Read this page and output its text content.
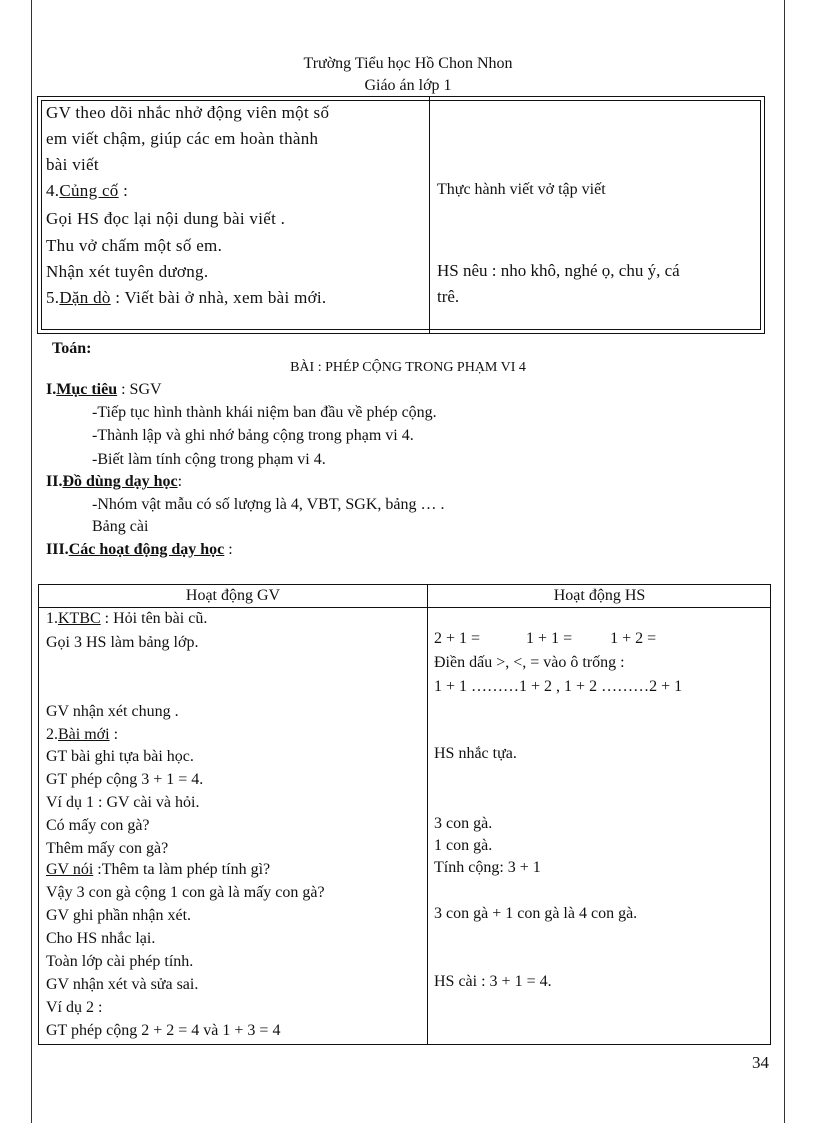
Trường Tiểu học Hồ Chon Nhon
Giáo án lớp 1
GV theo dõi nhắc nhở động viên một số
em viết chậm, giúp các em hoàn thành
bài viết
4.Củng cố :
Gọi HS đọc lại nội dung bài viết .
Thu vở chấm một số em.
Nhận xét tuyên dương.
5.Dặn dò : Viết bài ở nhà, xem bài mới.
Thực hành viết vở tập viết
HS nêu : nho khô, nghé ọ, chu ý, cá
trê.
Toán:
BÀI : PHÉP CỘNG TRONG PHẠM VI 4
I.Mục tiêu : SGV
-Tiếp tục hình thành khái niệm ban đầu về phép cộng.
-Thành lập và ghi nhớ bảng cộng trong phạm vi 4.
-Biết làm tính cộng trong phạm vi 4.
II.Đồ dùng dạy học:
-Nhóm vật mẫu có số lượng là 4, VBT, SGK, bảng … .
Bảng cài
III.Các hoạt động dạy học :
Hoạt động GV	Hoạt động HS
1.KTBC : Hỏi tên bài cũ.
Gọi 3 HS làm bảng lớp.
GV nhận xét chung .
2.Bài mới :
GT bài ghi tựa bài học.
GT phép cộng 3 + 1 = 4.
Ví dụ 1 : GV cài và hỏi.
Có mấy con gà?
Thêm mấy con gà?
GV nói :Thêm ta làm phép tính gì?
Vậy 3 con gà cộng 1 con gà là mấy con gà?
GV ghi phần nhận xét.
Cho HS nhắc lại.
Toàn lớp cài phép tính.
GV nhận xét và sửa sai.
Ví dụ 2 :
GT phép cộng 2 + 2 = 4 và 1 + 3 = 4
2 + 1 =	1 + 1 = 1 + 2 =
Điền dấu >, <, = vào ô trống :
1 + 1 ………1 + 2 , 1 + 2 ………2 + 1
HS nhắc tựa.
3 con gà.
1 con gà.
Tính cộng: 3 + 1
3 con gà + 1 con gà là 4 con gà.
HS cài : 3 + 1 = 4.
34
